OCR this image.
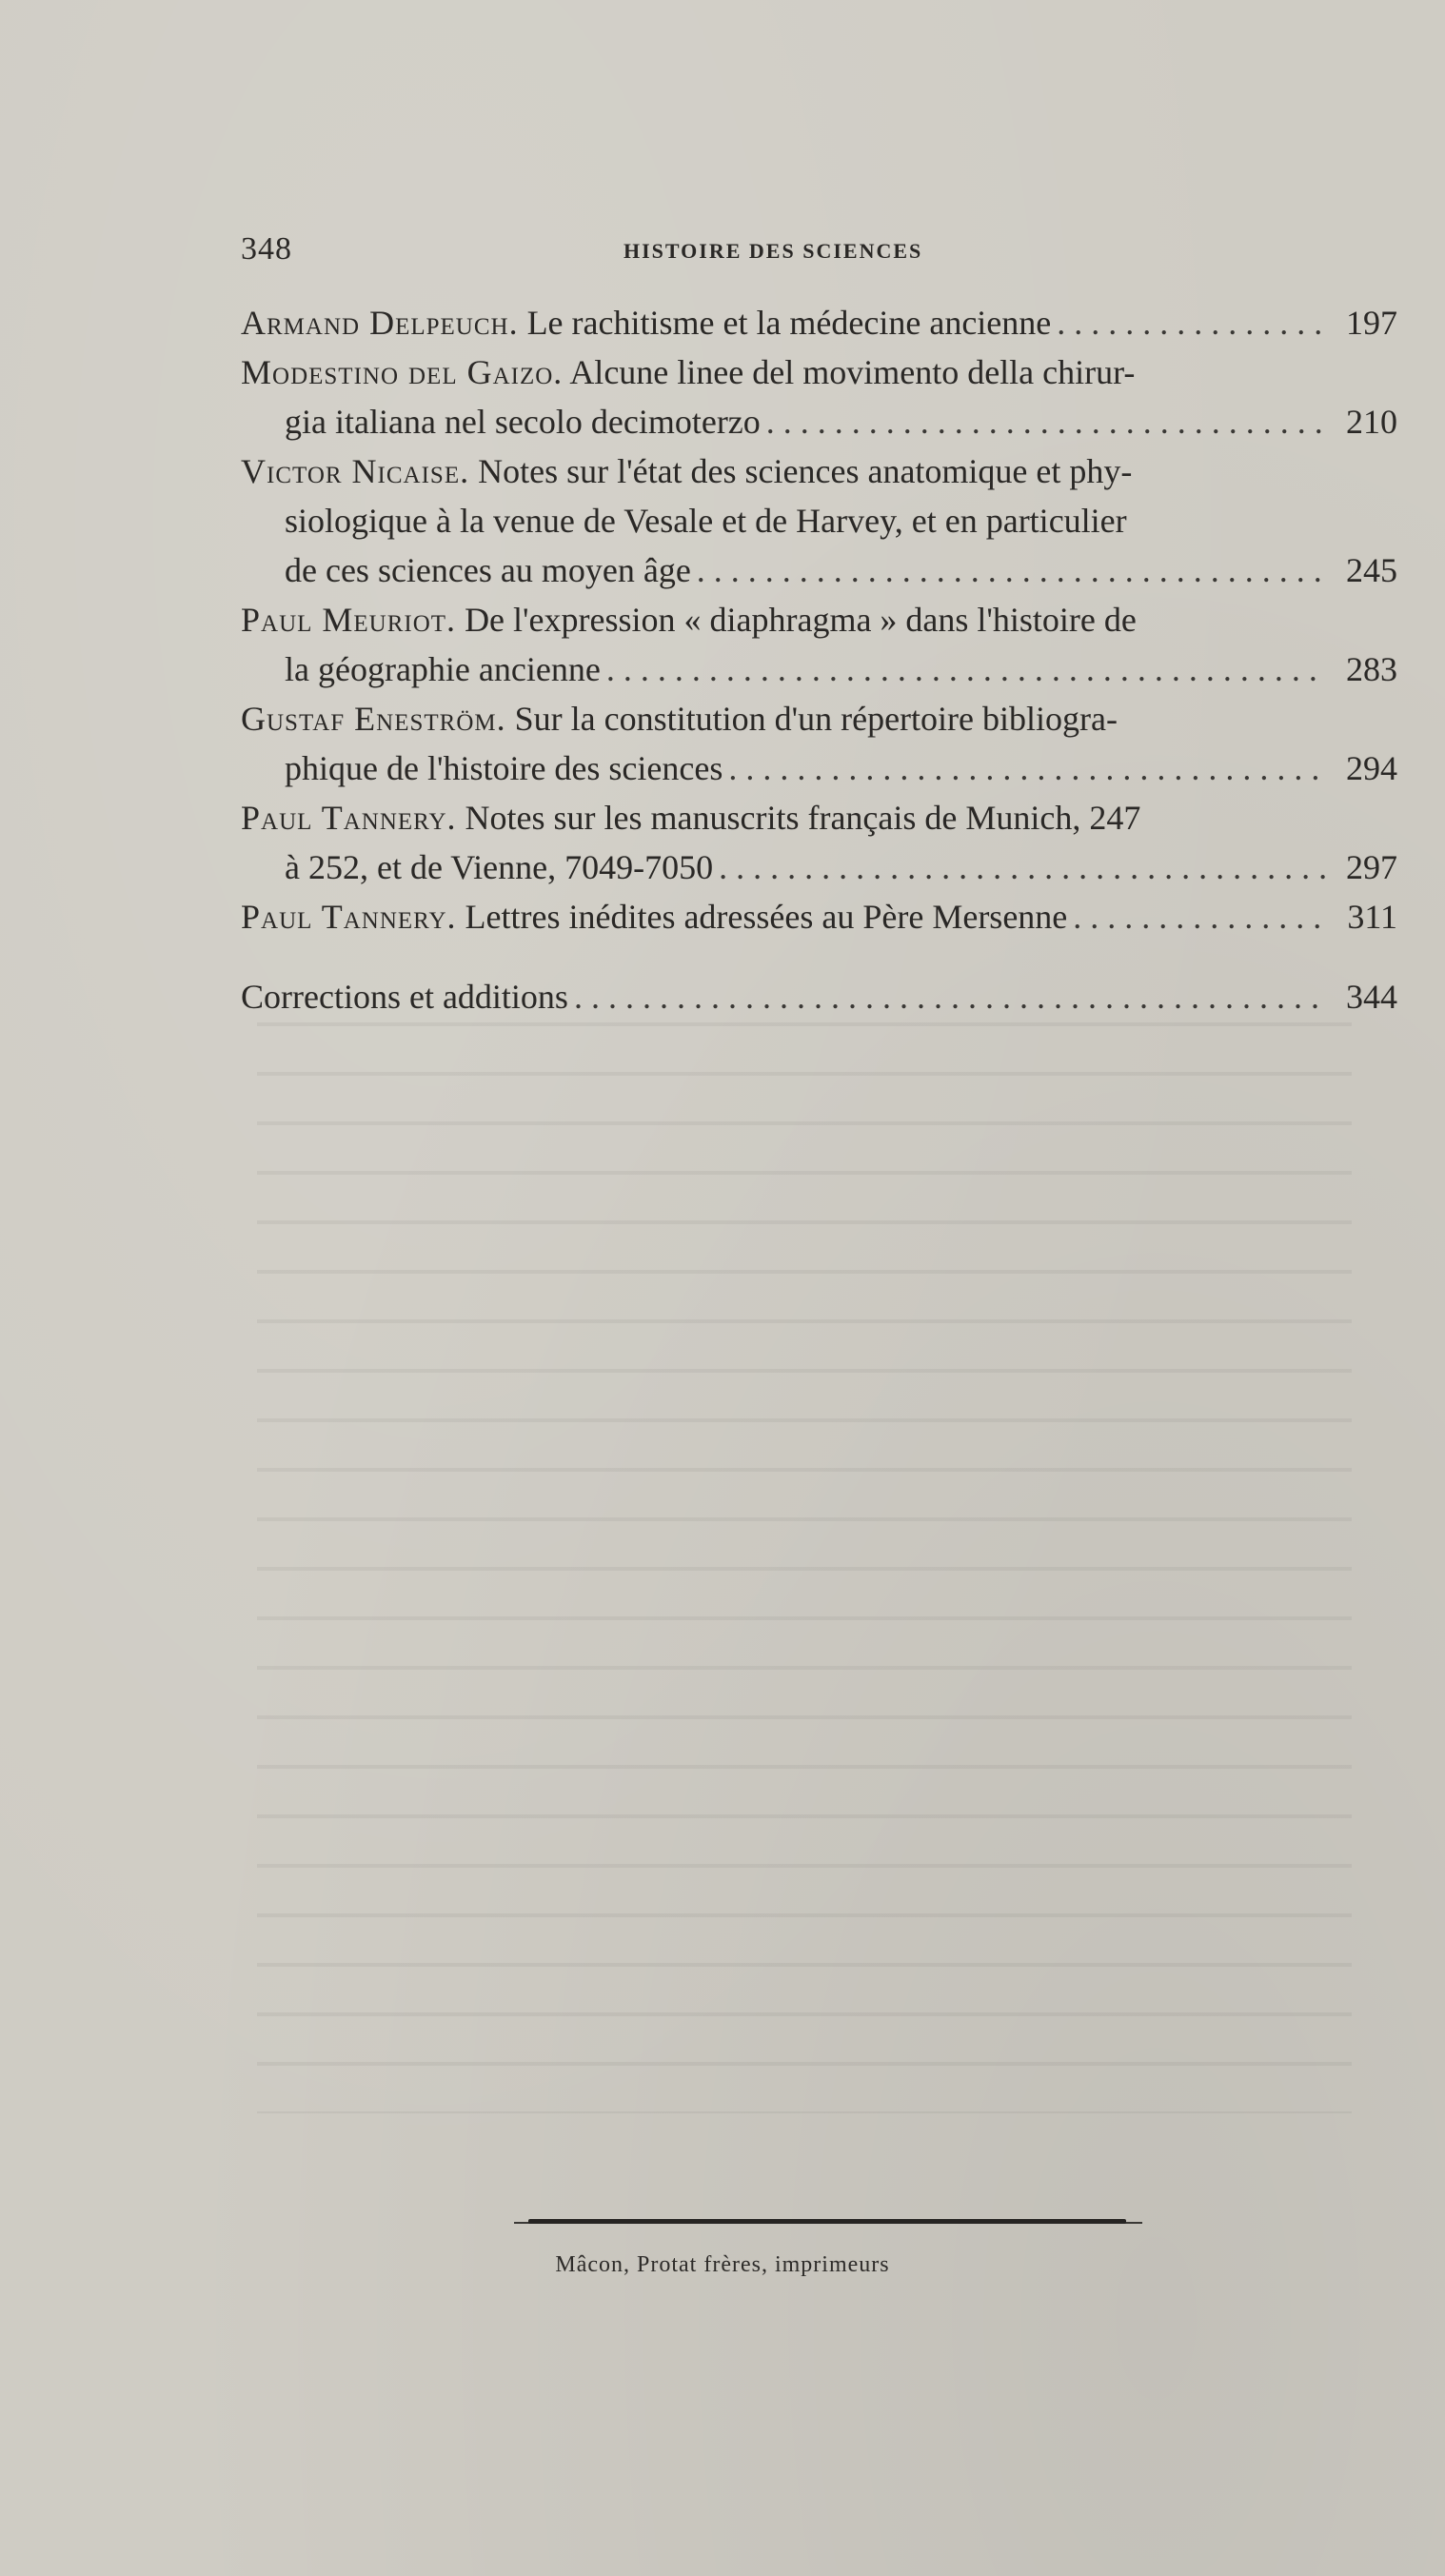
348	HISTOIRE DES SCIENCES
Armand Delpeuch. Le rachitisme et la médecine ancienne . . .	197
Modestino del Gaizo. Alcune linee del movimento della chirur-
gia italiana nel secolo decimoterzo . . .	210
Victor Nicaise. Notes sur l'état des sciences anatomique et phy-
siologique à la venue de Vesale et de Harvey, et en particulier
de ces sciences au moyen âge . . .	245
Paul Meuriot. De l'expression « diaphragma » dans l'histoire de
la géographie ancienne . . .	283
Gustaf Eneström. Sur la constitution d'un répertoire bibliogra-
phique de l'histoire des sciences . . .	294
Paul Tannery. Notes sur les manuscrits français de Munich, 247
à 252, et de Vienne, 7049-7050 . . .	297
Paul Tannery. Lettres inédites adressées au Père Mersenne . . .	311
Corrections et additions . . .	344
Mâcon, Protat frères, imprimeurs
